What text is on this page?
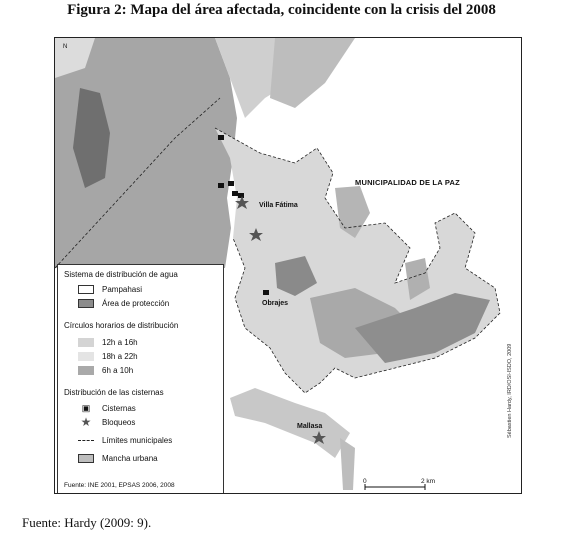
Figura 2: Mapa del área afectada, coincidente con la crisis del 2008
N
MUNICIPALIDAD DE LA PAZ
Villa Fátima
Obrajes
Mallasa	Sébastien Hardy, IRD/OSI-ISDO, 2009
0	2 km
Sistema de distribución de agua
Pampahasi
Área de protección
Círculos horarios de distribución
12h a 16h
18h a 22h
6h a 10h
Distribución de las cisternas
▣	Cisternas
★	Bloqueos
Límites municipales
Mancha urbana
Fuente: INE 2001, EPSAS 2006, 2008
Fuente: Hardy (2009: 9).
